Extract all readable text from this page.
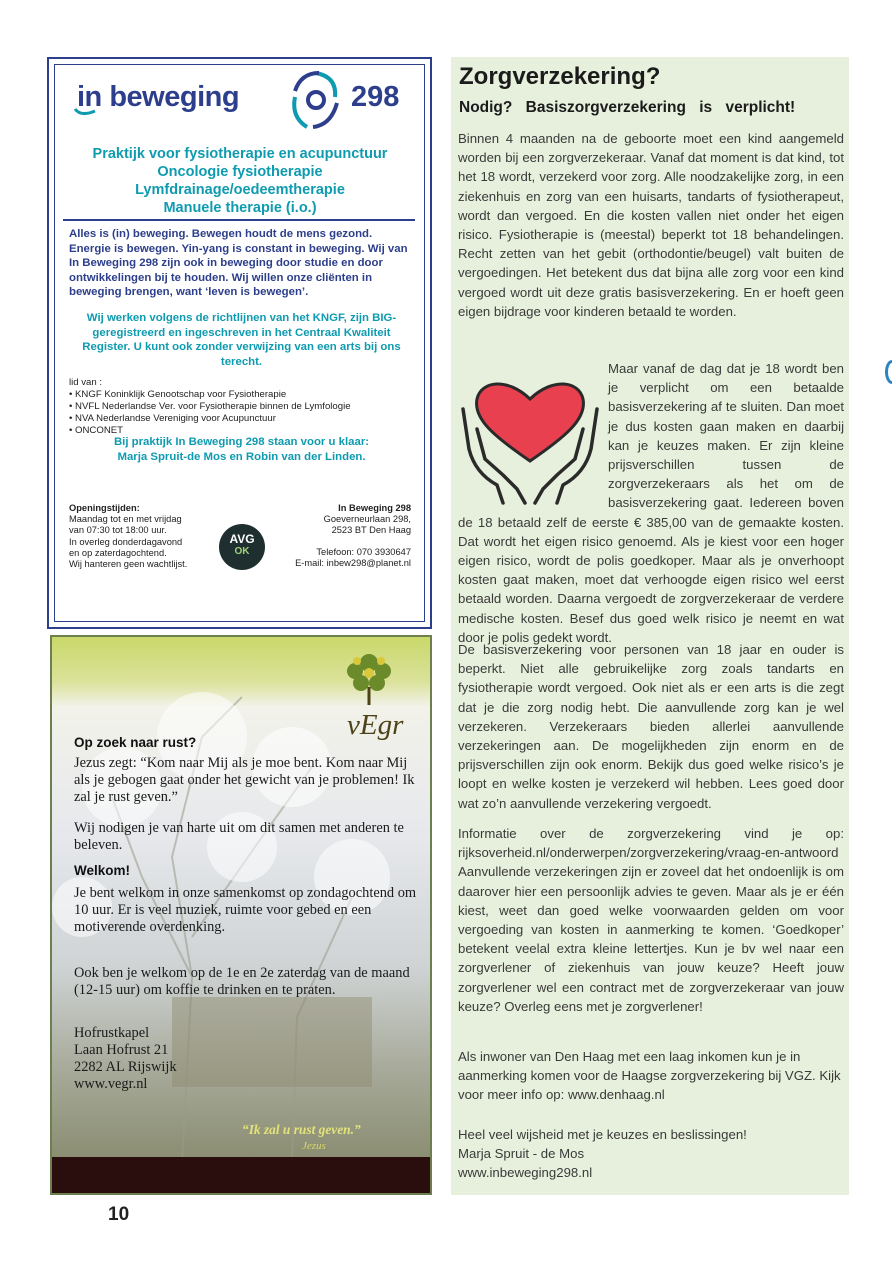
in beweging	298
Praktijk voor fysiotherapie en acupunctuur
Oncologie fysiotherapie
Lymfdrainage/oedeemtherapie
Manuele therapie (i.o.)
Alles is (in) beweging. Bewegen houdt de mens gezond. Energie is bewegen. Yin-yang is constant in beweging. Wij van In Beweging 298 zijn ook in beweging door studie en door ontwikkelingen bij te houden. Wij willen onze cliënten in beweging brengen, want ‘leven is bewegen’.
Wij werken volgens de richtlijnen van het KNGF, zijn BIG-geregistreerd en ingeschreven in het Centraal Kwaliteit Register. U kunt ook zonder verwijzing van een arts bij ons terecht.
lid van :
• KNGF Koninklijk Genootschap voor Fysiotherapie
• NVFL Nederlandse Ver. voor Fysiotherapie binnen de Lymfologie
• NVA Nederlandse Vereniging voor Acupunctuur
• ONCONET
Bij praktijk In Beweging 298 staan voor u klaar:
Marja Spruit-de Mos en Robin van der Linden.
Openingstijden:
Maandag tot en met vrijdag
van 07:30 tot 18:00 uur.
In overleg donderdagavond
en op zaterdagochtend.
Wij hanteren geen wachtlijst.
AVG
OK
In Beweging 298
Goeverneurlaan 298,
2523 BT Den Haag
Telefoon: 070 3930647
E-mail: inbew298@planet.nl
vEgr
Op zoek naar rust?
Jezus zegt: “Kom naar Mij als je moe bent. Kom naar Mij als je gebogen gaat onder het gewicht van je problemen! Ik zal je rust geven.”
Wij nodigen je van harte uit om dit samen met anderen te beleven.
Welkom!
Je bent welkom in onze samenkomst op zondagochtend om 10 uur. Er is veel muziek, ruimte voor gebed en een motiverende overdenking.
Ook ben je welkom op de 1e en 2e zaterdag van de maand (12-15 uur) om koffie te drinken en te praten.
Hofrustkapel
Laan Hofrust 21
2282 AL Rijswijk
www.vegr.nl
“Ik zal u rust geven.”
Jezus
10
Zorgverzekering?
Nodig? Basiszorgverzekering is verplicht!
Binnen 4 maanden na de geboorte moet een kind aangemeld worden bij een zorgverzekeraar. Vanaf dat moment is dat kind, tot het 18 wordt, verzekerd voor zorg. Alle noodzakelijke zorg, in een ziekenhuis en zorg van een huisarts, tandarts of fysiotherapeut, wordt dan vergoed. En die kosten vallen niet onder het eigen risico. Fysiotherapie is (meestal) beperkt tot 18 behandelingen. Recht zetten van het gebit (orthodontie/beugel) valt buiten de vergoedingen. Het betekent dus dat bijna alle zorg voor een kind vergoed wordt uit deze gratis basisverzekering. En er hoeft geen eigen bijdrage voor kinderen betaald te worden.
Maar vanaf de dag dat je 18 wordt ben je verplicht om een betaalde basisverzekering af te sluiten. Dan moet je dus kosten gaan maken en daarbij kan je keuzes maken. Er zijn kleine prijsverschillen tussen de zorgverzekeraars als het om de basisverzekering gaat. Iedereen boven de 18 betaald zelf de eerste € 385,00 van de gemaakte kosten. Dat wordt het eigen risico genoemd. Als je kiest voor een hoger eigen risico, wordt de polis goedkoper. Maar als je onverhoopt kosten gaat maken, moet dat verhoogde eigen risico wel eerst betaald worden. Daarna vergoedt de zorgverzekeraar de verdere medische kosten. Besef dus goed welk risico je neemt en wat door je polis gedekt wordt.
De basisverzekering voor personen van 18 jaar en ouder is beperkt. Niet alle gebruikelijke zorg zoals tandarts en fysiotherapie wordt vergoed. Ook niet als er een arts is die zegt dat je die zorg nodig hebt. Die aanvullende zorg kan je wel verzekeren. Verzekeraars bieden allerlei aanvullende verzekeringen aan. De mogelijkheden zijn enorm en de prijsverschillen zijn ook enorm. Bekijk dus goed welke risico’s je loopt en welke kosten je verzekerd wil hebben. Lees goed door wat zo’n aanvullende verzekering vergoedt.
Informatie over de zorgverzekering vind je op: rijksoverheid.nl/onderwerpen/zorgverzekering/vraag-en-antwoord Aanvullende verzekeringen zijn er zoveel dat het ondoenlijk is om daarover hier een persoonlijk advies te geven. Maar als je er één kiest, weet dan goed welke voorwaarden gelden om voor vergoeding van kosten in aanmerking te komen. ‘Goedkoper’ betekent veelal extra kleine lettertjes. Kun je bv wel naar een zorgverlener of ziekenhuis van jouw keuze? Heeft jouw zorgverlener wel een contract met de zorgverzekeraar van jouw keuze? Overleg eens met je zorgverlener!
Als inwoner van Den Haag met een laag inkomen kun je in aanmerking komen voor de Haagse zorgverzekering bij VGZ. Kijk voor meer info op: www.denhaag.nl
Heel veel wijsheid met je keuzes en beslissingen!
Marja Spruit - de Mos
www.inbeweging298.nl
